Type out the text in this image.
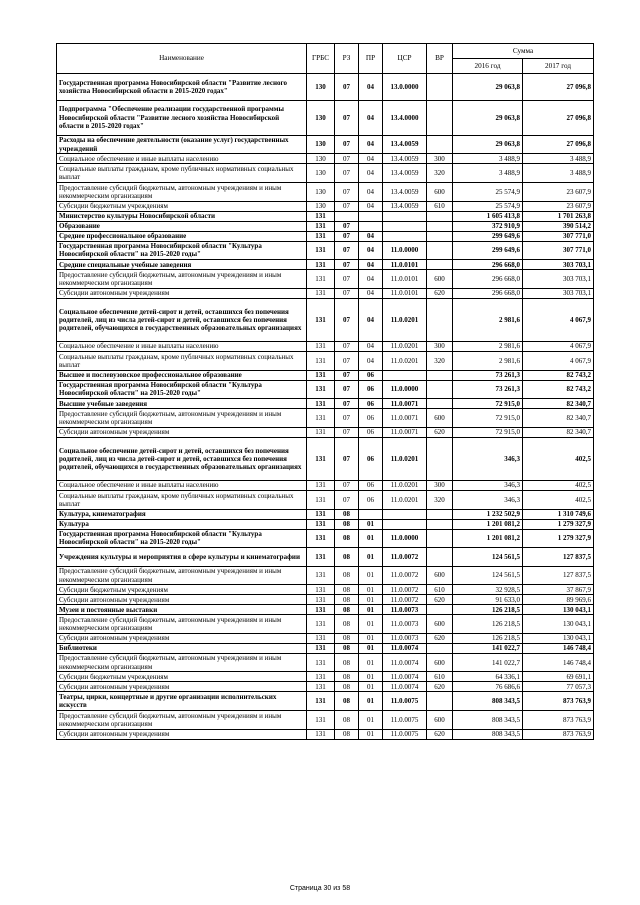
Наименование	ГРБС	РЗ	ПР	ЦСР	ВР	Сумма	
						2016 год	2017 год
Государственная программа Новосибирской области "Развитие лесного хозяйства Новосибирской области в 2015-2020 годах"	130	07	04	13.0.0000		29 063,8	27 096,8
Подпрограмма "Обеспечение реализации государственной программы Новосибирской области "Развитие лесного хозяйства Новосибирской области в 2015-2020 годах"	130	07	04	13.4.0000		29 063,8	27 096,8
Расходы на обеспечение деятельности (оказание услуг) государственных учреждений	130	07	04	13.4.0059		29 063,8	27 096,8
Социальное обеспечение и иные выплаты населению	130	07	04	13.4.0059	300	3 488,9	3 488,9
Социальные выплаты гражданам, кроме публичных нормативных социальных выплат	130	07	04	13.4.0059	320	3 488,9	3 488,9
Предоставление субсидий бюджетным, автономным учреждениям и иным некоммерческим организациям	130	07	04	13.4.0059	600	25 574,9	23 607,9
Субсидии бюджетным учреждениям	130	07	04	13.4.0059	610	25 574,9	23 607,9
Министерство культуры Новосибирской области	131					1 605 413,8	1 701 263,8
Образование	131	07				372 910,9	390 514,2
Среднее профессиональное образование	131	07	04			299 649,6	307 771,0
Государственная программа Новосибирской области "Культура Новосибирской области" на 2015-2020 годы"	131	07	04	11.0.0000		299 649,6	307 771,0
Средние специальные учебные заведения	131	07	04	11.0.0101		296 668,0	303 703,1
Предоставление субсидий бюджетным, автономным учреждениям и иным некоммерческим организациям	131	07	04	11.0.0101	600	296 668,0	303 703,1
Субсидии автономным учреждениям	131	07	04	11.0.0101	620	296 668,0	303 703,1
Социальное обеспечение детей-сирот и детей, оставшихся без попечения родителей, лиц из числа детей-сирот и детей, оставшихся без попечения родителей, обучающихся в государственных образовательных организациях	131	07	04	11.0.0201		2 981,6	4 067,9
Социальное обеспечение и иные выплаты населению	131	07	04	11.0.0201	300	2 981,6	4 067,9
Социальные выплаты гражданам, кроме публичных нормативных социальных выплат	131	07	04	11.0.0201	320	2 981,6	4 067,9
Высшее и послевузовское профессиональное образование	131	07	06			73 261,3	82 743,2
Государственная программа Новосибирской области "Культура Новосибирской области" на 2015-2020 годы"	131	07	06	11.0.0000		73 261,3	82 743,2
Высшие учебные заведения	131	07	06	11.0.0071		72 915,0	82 340,7
Предоставление субсидий бюджетным, автономным учреждениям и иным некоммерческим организациям	131	07	06	11.0.0071	600	72 915,0	82 340,7
Субсидии автономным учреждениям	131	07	06	11.0.0071	620	72 915,0	82 340,7
Социальное обеспечение детей-сирот и детей, оставшихся без попечения родителей, лиц из числа детей-сирот и детей, оставшихся без попечения родителей, обучающихся в государственных образовательных организациях	131	07	06	11.0.0201		346,3	402,5
Социальное обеспечение и иные выплаты населению	131	07	06	11.0.0201	300	346,3	402,5
Социальные выплаты гражданам, кроме публичных нормативных социальных выплат	131	07	06	11.0.0201	320	346,3	402,5
Культура, кинематография	131	08				1 232 502,9	1 310 749,6
Культура	131	08	01			1 201 081,2	1 279 327,9
Государственная программа Новосибирской области "Культура Новосибирской области" на 2015-2020 годы"	131	08	01	11.0.0000		1 201 081,2	1 279 327,9
Учреждения культуры и мероприятия в сфере культуры и кинематографии	131	08	01	11.0.0072		124 561,5	127 837,5
Предоставление субсидий бюджетным, автономным учреждениям и иным некоммерческим организациям	131	08	01	11.0.0072	600	124 561,5	127 837,5
Субсидии бюджетным учреждениям	131	08	01	11.0.0072	610	32 928,5	37 867,9
Субсидии автономным учреждениям	131	08	01	11.0.0072	620	91 633,0	89 969,6
Музеи и постоянные выставки	131	08	01	11.0.0073		126 218,5	130 043,1
Предоставление субсидий бюджетным, автономным учреждениям и иным некоммерческим организациям	131	08	01	11.0.0073	600	126 218,5	130 043,1
Субсидии автономным учреждениям	131	08	01	11.0.0073	620	126 218,5	130 043,1
Библиотеки	131	08	01	11.0.0074		141 022,7	146 748,4
Предоставление субсидий бюджетным, автономным учреждениям и иным некоммерческим организациям	131	08	01	11.0.0074	600	141 022,7	146 748,4
Субсидии бюджетным учреждениям	131	08	01	11.0.0074	610	64 336,1	69 691,1
Субсидии автономным учреждениям	131	08	01	11.0.0074	620	76 686,6	77 057,3
Театры, цирки, концертные и другие организации исполнительских искусств	131	08	01	11.0.0075		808 343,5	873 763,9
Предоставление субсидий бюджетным, автономным учреждениям и иным некоммерческим организациям	131	08	01	11.0.0075	600	808 343,5	873 763,9
Субсидии автономным учреждениям	131	08	01	11.0.0075	620	808 343,5	873 763,9
Страница 30 из 58
